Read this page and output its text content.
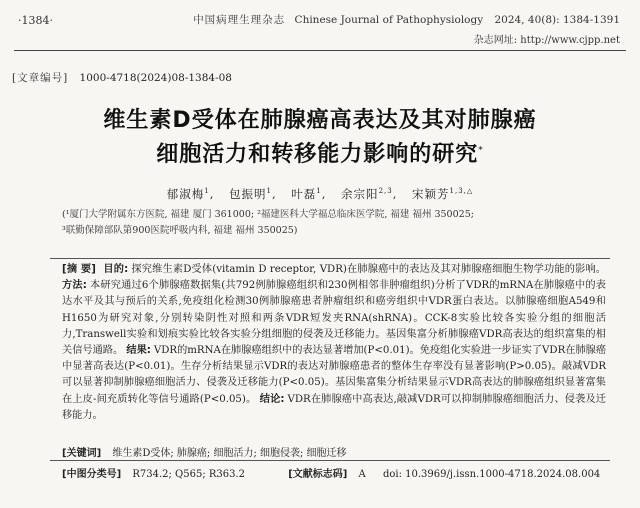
·1384·	中国病理生理杂志 Chinese Journal of Pathophysiology 2024, 40(8): 1384-1391
杂志网址: http://www.cjpp.net
[文章编号] 1000-4718(2024)08-1384-08
维生素D受体在肺腺癌高表达及其对肺腺癌
细胞活力和转移能力影响的研究*
郁淑梅$^1$, 包振明$^1$, 叶磊$^1$, 余宗阳$^{2,3}$, 宋颖芳$^{1,3,\triangle}$
(¹厦门大学附属东方医院, 福建 厦门 361000; ²福建医科大学福总临床医学院, 福建 福州 350025;
³联勤保障部队第900医院呼吸内科, 福建 福州 350025)

[摘 要] 目的: 探究维生素D受体(vitamin D receptor, VDR)在肺腺癌中的表达及其对肺腺癌细胞生物学功能的影响。 方法: 本研究通过6个肺腺癌数据集(共792例肺腺癌组织和230例相邻非肿瘤组织)分析了VDR的mRNA在肺腺癌中的表达水平及其与预后的关系,免疫组化检测30例肺腺癌患者肿瘤组织和癌旁组织中VDR蛋白表达。以肺腺癌细胞A549和H1650为研究对象,分别转染阴性对照和两条VDR短发夹RNA(shRNA)。CCK-8实验比较各实验分组的细胞活力,Transwell实验和划痕实验比较各实验分组细胞的侵袭及迁移能力。基因集富分析肺腺癌VDR高表达的组织富集的相关信号通路。 结果: VDR的mRNA在肺腺癌组织中的表达显著增加(P<0.01)。免疫组化实验进一步证实了VDR在肺腺癌中显著高表达(P<0.01)。生存分析结果显示VDR的表达对肺腺癌患者的整体生存率没有显著影响(P>0.05)。敲减VDR可以显著抑制肺腺癌细胞活力、侵袭及迁移能力(P<0.05)。基因集富集分析结果显示VDR高表达的肺腺癌组织显著富集在上皮-间充质转化等信号通路(P<0.05)。 结论: VDR在肺腺癌中高表达,敲减VDR可以抑制肺腺癌细胞活力、侵袭及迁移能力。

[关键词] 维生素D受体; 肺腺癌; 细胞活力; 细胞侵袭; 细胞迁移
[中图分类号] R734.2; Q565; R363.2	[文献标志码] A doi: 10.3969/j.issn.1000-4718.2024.08.004
